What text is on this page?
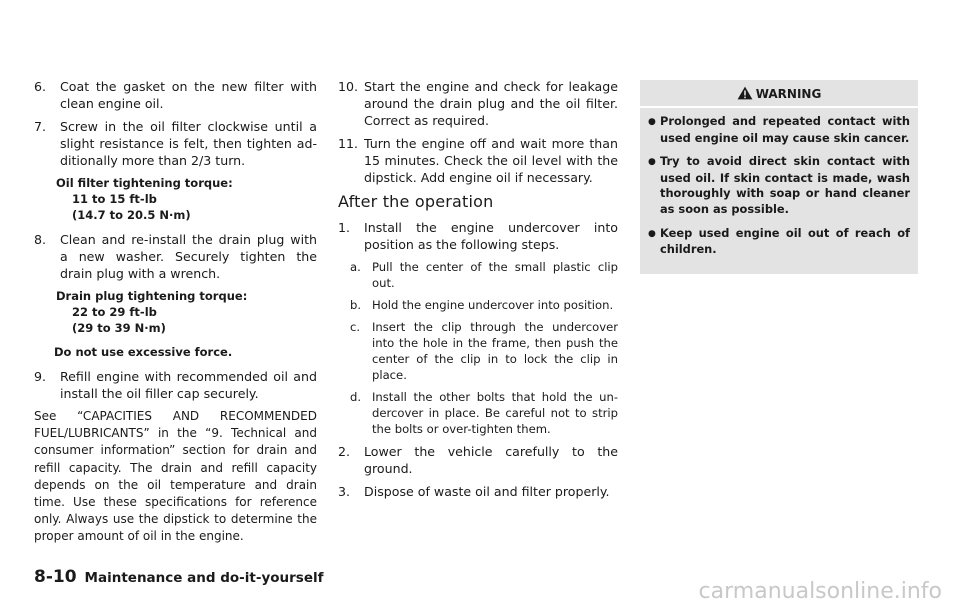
6. Coat the gasket on the new filter with clean engine oil.

7. Screw in the oil filter clockwise until a slight resistance is felt, then tighten ad- ditionally more than 2/3 turn.

Oil filter tightening torque:
11 to 15 ft-lb
(14.7 to 20.5 N·m)

8. Clean and re-install the drain plug with a new washer. Securely tighten the drain plug with a wrench.

Drain plug tightening torque:
22 to 29 ft-lb
(29 to 39 N·m)
Do not use excessive force.

9. Refill engine with recommended oil and install the oil filler cap securely.

See “CAPACITIES AND RECOMMENDED FUEL/LUBRICANTS” in the “9. Technical and consumer information” section for drain and refill capacity. The drain and refill capacity depends on the oil temperature and drain time. Use these specifications for reference only. Always use the dipstick to determine the proper amount of oil in the engine.

10. Start the engine and check for leakage around the drain plug and the oil filter. Correct as required.

11. Turn the engine off and wait more than 15 minutes. Check the oil level with the dipstick. Add engine oil if necessary.

After the operation

1. Install the engine undercover into position as the following steps.

a. Pull the center of the small plastic clip out.

b. Hold the engine undercover into position.

c. Insert the clip through the undercover into the hole in the frame, then push the center of the clip in to lock the clip in place.

d. Install the other bolts that hold the un- dercover in place. Be careful not to strip the bolts or over-tighten them.

2. Lower the vehicle carefully to the ground.

3. Dispose of waste oil and filter properly.

WARNING
● Prolonged and repeated contact with used engine oil may cause skin cancer.
● Try to avoid direct skin contact with used oil. If skin contact is made, wash thoroughly with soap or hand cleaner as soon as possible.
● Keep used engine oil out of reach of children.
8-10 Maintenance and do-it-yourself
carmanualsonline.info
